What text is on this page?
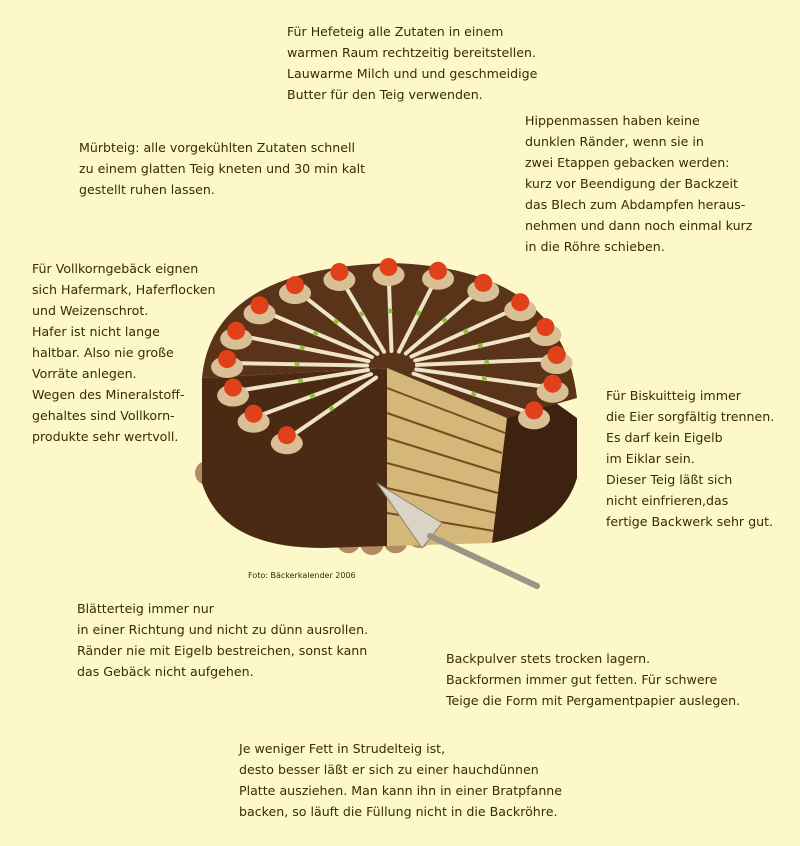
Für Hefeteig alle Zutaten in einem
warmen Raum rechtzeitig bereitstellen.
Lauwarme Milch und und geschmeidige
Butter für den Teig verwenden.
Mürbteig: alle vorgekühlten Zutaten schnell
zu einem glatten Teig kneten und 30 min kalt
gestellt ruhen lassen.
Hippenmassen haben keine
dunklen Ränder, wenn sie in
zwei Etappen gebacken werden:
kurz vor Beendigung der Backzeit
das Blech zum Abdampfen heraus-
nehmen und dann noch einmal kurz
in die Röhre schieben.
Für Vollkorngebäck eignen
sich Hafermark, Haferflocken
und Weizenschrot.
Hafer ist nicht lange
haltbar. Also nie große
Vorräte anlegen.
Wegen des Mineralstoff-
gehaltes sind Vollkorn-
produkte sehr wertvoll.
Foto: Bäckerkalender 2006
Für Biskuitteig immer
die Eier sorgfältig trennen.
Es darf kein Eigelb
im Eiklar sein.
Dieser Teig läßt sich
nicht einfrieren,das
fertige Backwerk sehr gut.
Blätterteig immer nur
in einer Richtung und nicht zu dünn ausrollen.
Ränder nie mit Eigelb bestreichen, sonst kann
das Gebäck nicht aufgehen.
Backpulver stets trocken lagern.
Backformen immer gut fetten. Für schwere
Teige die Form mit Pergamentpapier auslegen.
Je weniger Fett in Strudelteig ist,
desto besser läßt er sich zu einer hauchdünnen
Platte ausziehen. Man kann ihn in einer Bratpfanne
backen, so läuft die Füllung nicht in die Backröhre.
